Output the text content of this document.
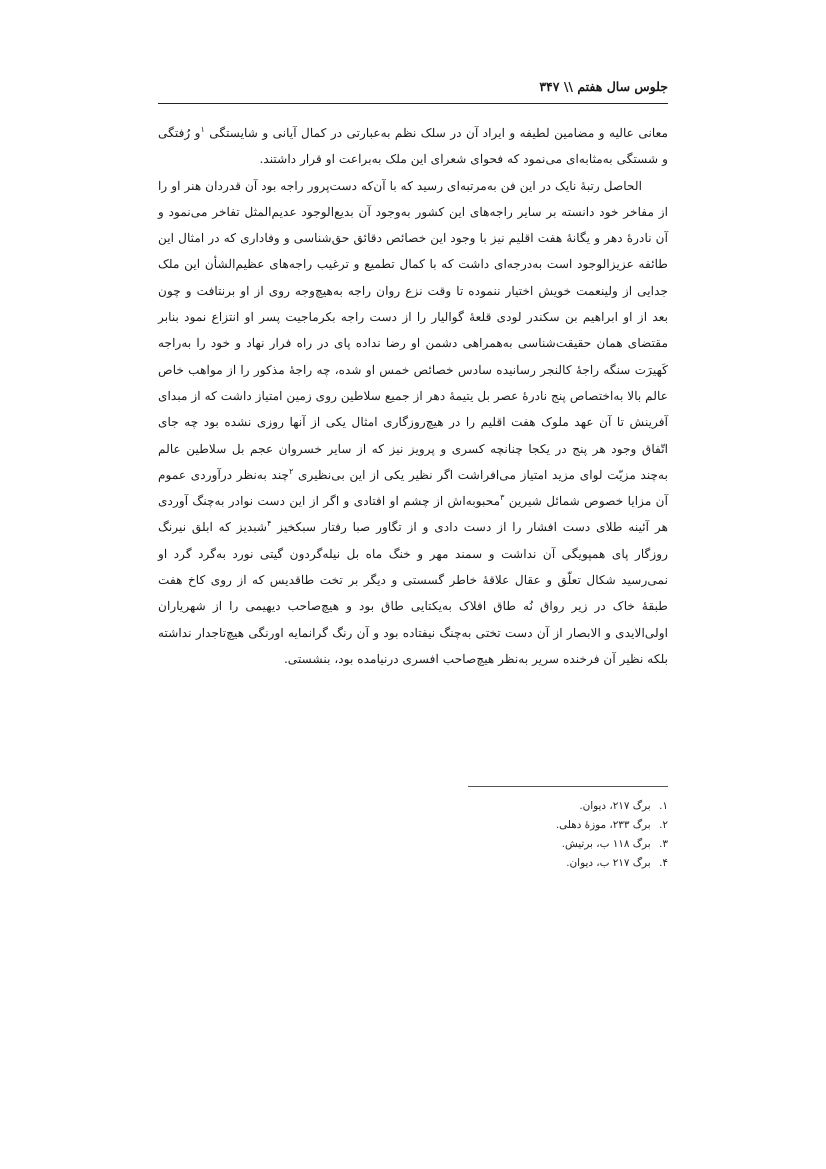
جلوس سال هفتم \\ ۳۴۷

معانی عالیه و مضامین لطیفه و ایراد آن در سلک نظم به‌عبارتی در کمال آیانی و شایستگی $^۱$و رُفتگی و شستگی به‌مثابه‌ای می‌نمود که فحوای شعرای این ملک به‌براعت او قرار داشتند.

الحاصل رتبهٔ نایک در این فن به‌مرتبه‌ای رسید که با آن‌که دست‌پرور راجه بود آن قدردان هنر او را از مفاخر خود دانسته بر سایر راجه‌های این کشور به‌وجود آن بدیع‌الوجود عدیم‌المثل تفاخر می‌نمود و آن نادرهٔ دهر و یگانهٔ هفت اقلیم نیز با وجود این خصائص دقائق حق‌شناسی و وفاداری که در امثال این طائفه عزیزالوجود است به‌درجه‌ای داشت که با کمال تطمیع و ترغیب راجه‌های عظیم‌الشأن این ملک جدایی از ولینعمت خویش اختیار ننموده تا وقت نزع روان راجه به‌هیچ‌وجه روی از او برنتافت و چون بعد از او ابراهیم بن سکندر لودی قلعهٔ گوالیار را از دست راجه بکرماجیت پسر او انتزاع نمود بنابر مقتضای همان حقیقت‌شناسی به‌همراهی دشمن او رضا نداده پای در راه فرار نهاد و خود را به‌راجه کَهیرَت سنگه راجهٔ کالنجر رسانیده سادس خصائص خمس او شده، چه راجهٔ مذکور را از مواهب خاص عالم بالا به‌اختصاص پنج نادرهٔ عصر بل یتیمهٔ دهر از جمیع سلاطین روی زمین امتیاز داشت که از مبدای آفرینش تا آن عهد ملوک هفت اقلیم را در هیچ‌روزگاری امثال یکی از آنها روزی نشده بود چه جای اتّفاق وجود هر پنج در یکجا چنانچه کسری و پرویز نیز که از سایر خسروان عجم بل سلاطین عالم به‌چند مزیّت لوای مزید امتیاز می‌افراشت اگر نظیر یکی از این بی‌نظیری $^۲$چند به‌نظر درآوردی عموم آن مزایا خصوص شمائل شیرین $^۳$محبوبه‌اش از چشم او افتادی و اگر از این دست نوادر به‌چنگ آوردی هر آئینه طلای دست افشار را از دست دادی و از تگاور صبا رفتار سبکخیز $^۴$شبدیز که ابلق نیرنگ روزگار پای همپویگی آن نداشت و سمند مهر و خنگ ماه بل نیله‌گردون گیتی نورد به‌گرد گرد او نمی‌رسید شکال تعلّق و عقال علاقهٔ خاطر گسستی و دیگر بر تخت طاقدیس که از روی کاخ هفت طبقهٔ خاک در زیر رواق نُه طاق افلاک به‌یکتایی طاق بود و هیچ‌صاحب دیهیمی را از شهریاران اولی‌الایدی و الابصار از آن دست تختی به‌چنگ نیفتاده بود و آن رنگ گرانمایه اورنگی هیچ‌تاجدار نداشته بلکه نظیر آن فرخنده سریر به‌نظر هیچ‌صاحب افسری درنیامده بود، بنشستی.

۱. برگ ۲۱۷، دیوان.
۲. برگ ۲۳۳، موزهٔ دهلی.
۳. برگ ۱۱۸ ب، برتیش.
۴. برگ ۲۱۷ ب، دیوان.
